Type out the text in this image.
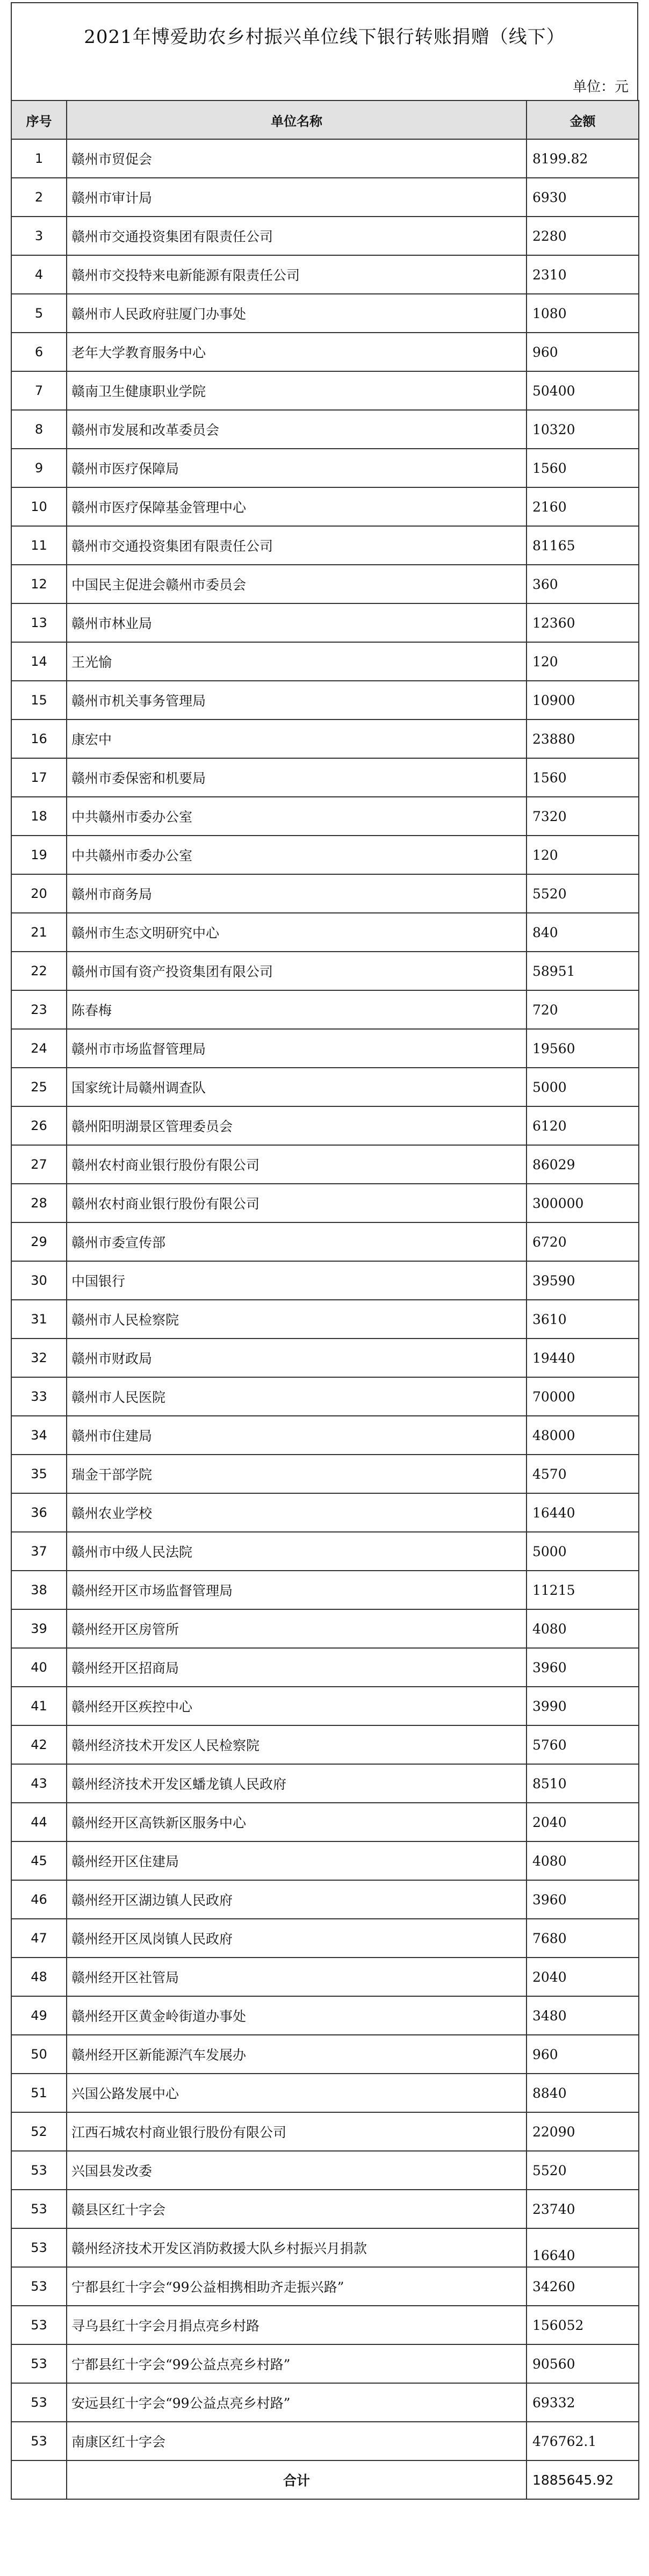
2021年博爱助农乡村振兴单位线下银行转账捐赠（线下）
单位：元
序号	单位名称	金额
1	赣州市贸促会	8199.82
2	赣州市审计局	6930
3	赣州市交通投资集团有限责任公司	2280
4	赣州市交投特来电新能源有限责任公司	2310
5	赣州市人民政府驻厦门办事处	1080
6	老年大学教育服务中心	960
7	赣南卫生健康职业学院	50400
8	赣州市发展和改革委员会	10320
9	赣州市医疗保障局	1560
10	赣州市医疗保障基金管理中心	2160
11	赣州市交通投资集团有限责任公司	81165
12	中国民主促进会赣州市委员会	360
13	赣州市林业局	12360
14	王光愉	120
15	赣州市机关事务管理局	10900
16	康宏中	23880
17	赣州市委保密和机要局	1560
18	中共赣州市委办公室	7320
19	中共赣州市委办公室	120
20	赣州市商务局	5520
21	赣州市生态文明研究中心	840
22	赣州市国有资产投资集团有限公司	58951
23	陈春梅	720
24	赣州市市场监督管理局	19560
25	国家统计局赣州调查队	5000
26	赣州阳明湖景区管理委员会	6120
27	赣州农村商业银行股份有限公司	86029
28	赣州农村商业银行股份有限公司	300000
29	赣州市委宣传部	6720
30	中国银行	39590
31	赣州市人民检察院	3610
32	赣州市财政局	19440
33	赣州市人民医院	70000
34	赣州市住建局	48000
35	瑞金干部学院	4570
36	赣州农业学校	16440
37	赣州市中级人民法院	5000
38	赣州经开区市场监督管理局	11215
39	赣州经开区房管所	4080
40	赣州经开区招商局	3960
41	赣州经开区疾控中心	3990
42	赣州经济技术开发区人民检察院	5760
43	赣州经济技术开发区蟠龙镇人民政府	8510
44	赣州经开区高铁新区服务中心	2040
45	赣州经开区住建局	4080
46	赣州经开区湖边镇人民政府	3960
47	赣州经开区凤岗镇人民政府	7680
48	赣州经开区社管局	2040
49	赣州经开区黄金岭街道办事处	3480
50	赣州经开区新能源汽车发展办	960
51	兴国公路发展中心	8840
52	江西石城农村商业银行股份有限公司	22090
53	兴国县发改委	5520
53	赣县区红十字会	23740
53	赣州经济技术开发区消防救援大队乡村振兴月捐款	16640
53	宁都县红十字会“99公益相携相助齐走振兴路”	34260
53	寻乌县红十字会月捐点亮乡村路	156052
53	宁都县红十字会“99公益点亮乡村路”	90560
53	安远县红十字会“99公益点亮乡村路”	69332
53	南康区红十字会	476762.1
	合计	1885645.92
